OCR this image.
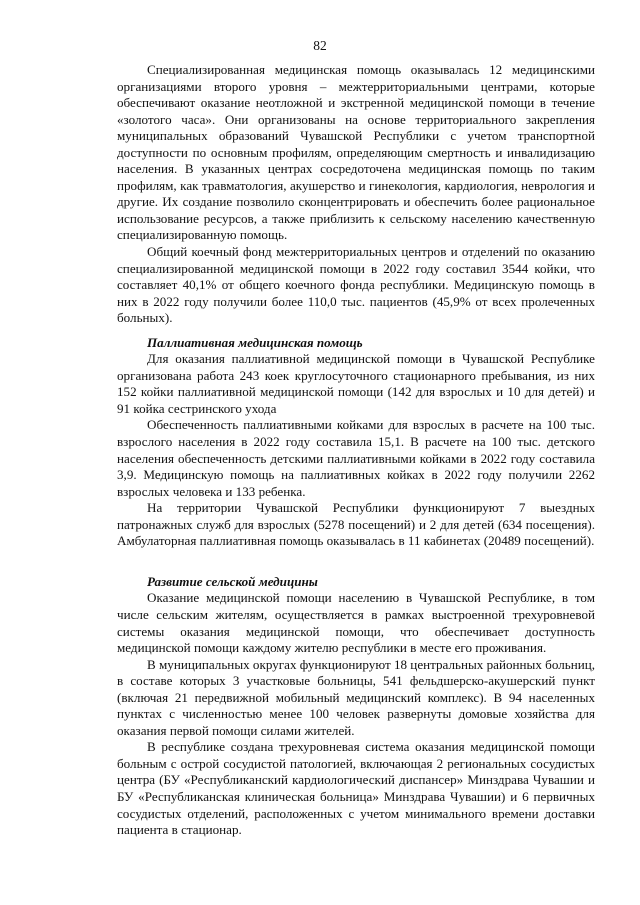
82

Специализированная медицинская помощь оказывалась 12 медицинскими организациями второго уровня – межтерриториальными центрами, которые обеспечивают оказание неотложной и экстренной медицинской помощи в течение «золотого часа». Они организованы на основе территориального закрепления муниципальных образований Чувашской Республики с учетом транспортной доступности по основным профилям, определяющим смертность и инвалидизацию населения. В указанных центрах сосредоточена медицинская помощь по таким профилям, как травматология, акушерство и гинекология, кардиология, неврология и другие. Их создание позволило сконцентрировать и обеспечить более рациональное использование ресурсов, а также приблизить к сельскому населению качественную специализированную помощь.

Общий коечный фонд межтерриториальных центров и отделений по оказанию специализированной медицинской помощи в 2022 году составил 3544 койки, что составляет 40,1% от общего коечного фонда республики. Медицинскую помощь в них в 2022 году получили более 110,0 тыс. пациентов (45,9% от всех пролеченных больных).

Паллиативная медицинская помощь

Для оказания паллиативной медицинской помощи в Чувашской Республике организована работа 243 коек круглосуточного стационарного пребывания, из них 152 койки паллиативной медицинской помощи (142 для взрослых и 10 для детей) и 91 койка сестринского ухода

Обеспеченность паллиативными койками для взрослых в расчете на 100 тыс. взрослого населения в 2022 году составила 15,1. В расчете на 100 тыс. детского населения обеспеченность детскими паллиативными койками в 2022 году составила 3,9. Медицинскую помощь на паллиативных койках в 2022 году получили 2262 взрослых человека и 133 ребенка.

На территории Чувашской Республики функционируют 7 выездных патронажных служб для взрослых (5278 посещений) и 2 для детей (634 посещения). Амбулаторная паллиативная помощь оказывалась в 11 кабинетах (20489 посещений).

Развитие сельской медицины

Оказание медицинской помощи населению в Чувашской Республике, в том числе сельским жителям, осуществляется в рамках выстроенной трехуровневой системы оказания медицинской помощи, что обеспечивает доступность медицинской помощи каждому жителю республики в месте его проживания.

В муниципальных округах функционируют 18 центральных районных больниц, в составе которых 3 участковые больницы, 541 фельдшерско-акушерский пункт (включая 21 передвижной мобильный медицинский комплекс). В 94 населенных пунктах с численностью менее 100 человек развернуты домовые хозяйства для оказания первой помощи силами жителей.

В республике создана трехуровневая система оказания медицинской помощи больным с острой сосудистой патологией, включающая 2 региональных сосудистых центра (БУ «Республиканский кардиологический диспансер» Минздрава Чувашии и БУ «Республиканская клиническая больница» Минздрава Чувашии) и 6 первичных сосудистых отделений, расположенных с учетом минимального времени доставки пациента в стационар.
